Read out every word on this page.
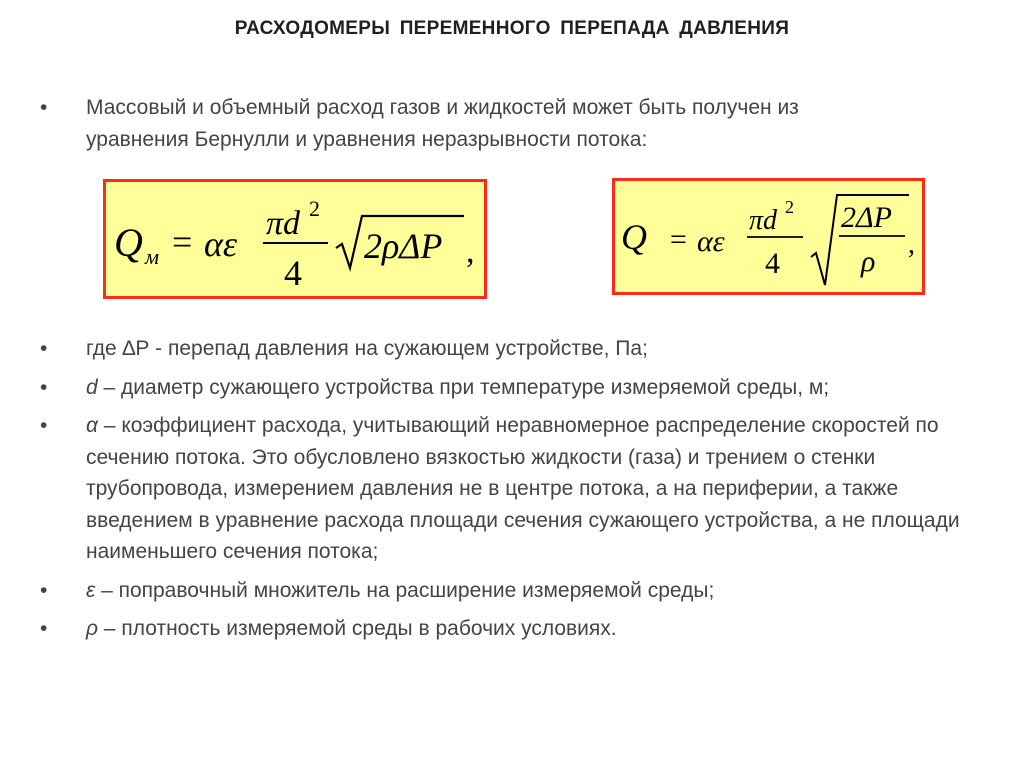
РАСХОДОМЕРЫ ПЕРЕМЕННОГО ПЕРЕПАДА ДАВЛЕНИЯ
• Массовый и объемный расход газов и жидкостей может быть получен из
уравнения Бернулли и уравнения неразрывности потока:
Q м = αε
πd 2
4
2ρΔP ,	Q = αε
πd 2
4
2ΔP
ρ
,
• где ∆Р - перепад давления на сужающем устройстве, Па;
• d – диаметр сужающего устройства при температуре измеряемой среды, м;
• α – коэффициент расхода, учитывающий неравномерное распределение скоростей по сечению потока. Это обусловлено вязкостью жидкости (газа) и трением о стенки трубопровода, измерением давления не в центре потока, а на периферии, а также введением в уравнение расхода площади сечения сужающего устройства, а не площади наименьшего сечения потока;
• ε – поправочный множитель на расширение измеряемой среды;
• ρ – плотность измеряемой среды в рабочих условиях.
